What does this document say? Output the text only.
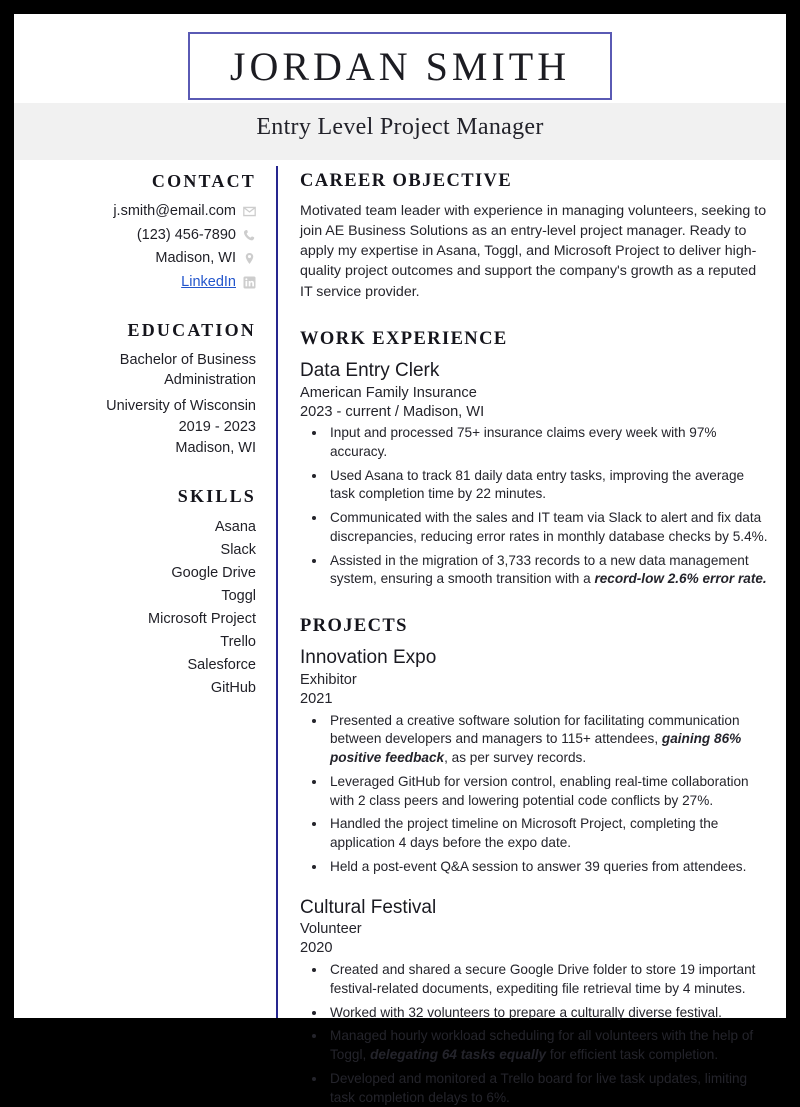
JORDAN SMITH
Entry Level Project Manager
CONTACT
j.smith@email.com
(123) 456-7890
Madison, WI
LinkedIn
EDUCATION
Bachelor of Business Administration
University of Wisconsin
2019 - 2023
Madison, WI
SKILLS
Asana
Slack
Google Drive
Toggl
Microsoft Project
Trello
Salesforce
GitHub
CAREER OBJECTIVE

Motivated team leader with experience in managing volunteers, seeking to join AE Business Solutions as an entry-level project manager. Ready to apply my expertise in Asana, Toggl, and Microsoft Project to deliver high-quality project outcomes and support the company's growth as a reputed IT service provider.

WORK EXPERIENCE
Data Entry Clerk
American Family Insurance
2023 - current / Madison, WI
• Input and processed 75+ insurance claims every week with 97% accuracy.
• Used Asana to track 81 daily data entry tasks, improving the average task completion time by 22 minutes.
• Communicated with the sales and IT team via Slack to alert and fix data discrepancies, reducing error rates in monthly database checks by 5.4%.
• Assisted in the migration of 3,733 records to a new data management system, ensuring a smooth transition with a record-low 2.6% error rate.
PROJECTS
Innovation Expo
Exhibitor
2021
• Presented a creative software solution for facilitating communication between developers and managers to 115+ attendees, gaining 86% positive feedback, as per survey records.
• Leveraged GitHub for version control, enabling real-time collaboration with 2 class peers and lowering potential code conflicts by 27%.
• Handled the project timeline on Microsoft Project, completing the application 4 days before the expo date.
• Held a post-event Q&A session to answer 39 queries from attendees.
Cultural Festival
Volunteer
2020
• Created and shared a secure Google Drive folder to store 19 important festival-related documents, expediting file retrieval time by 4 minutes.
• Worked with 32 volunteers to prepare a culturally diverse festival.
• Managed hourly workload scheduling for all volunteers with the help of Toggl, delegating 64 tasks equally for efficient task completion.
• Developed and monitored a Trello board for live task updates, limiting task completion delays to 6%.
